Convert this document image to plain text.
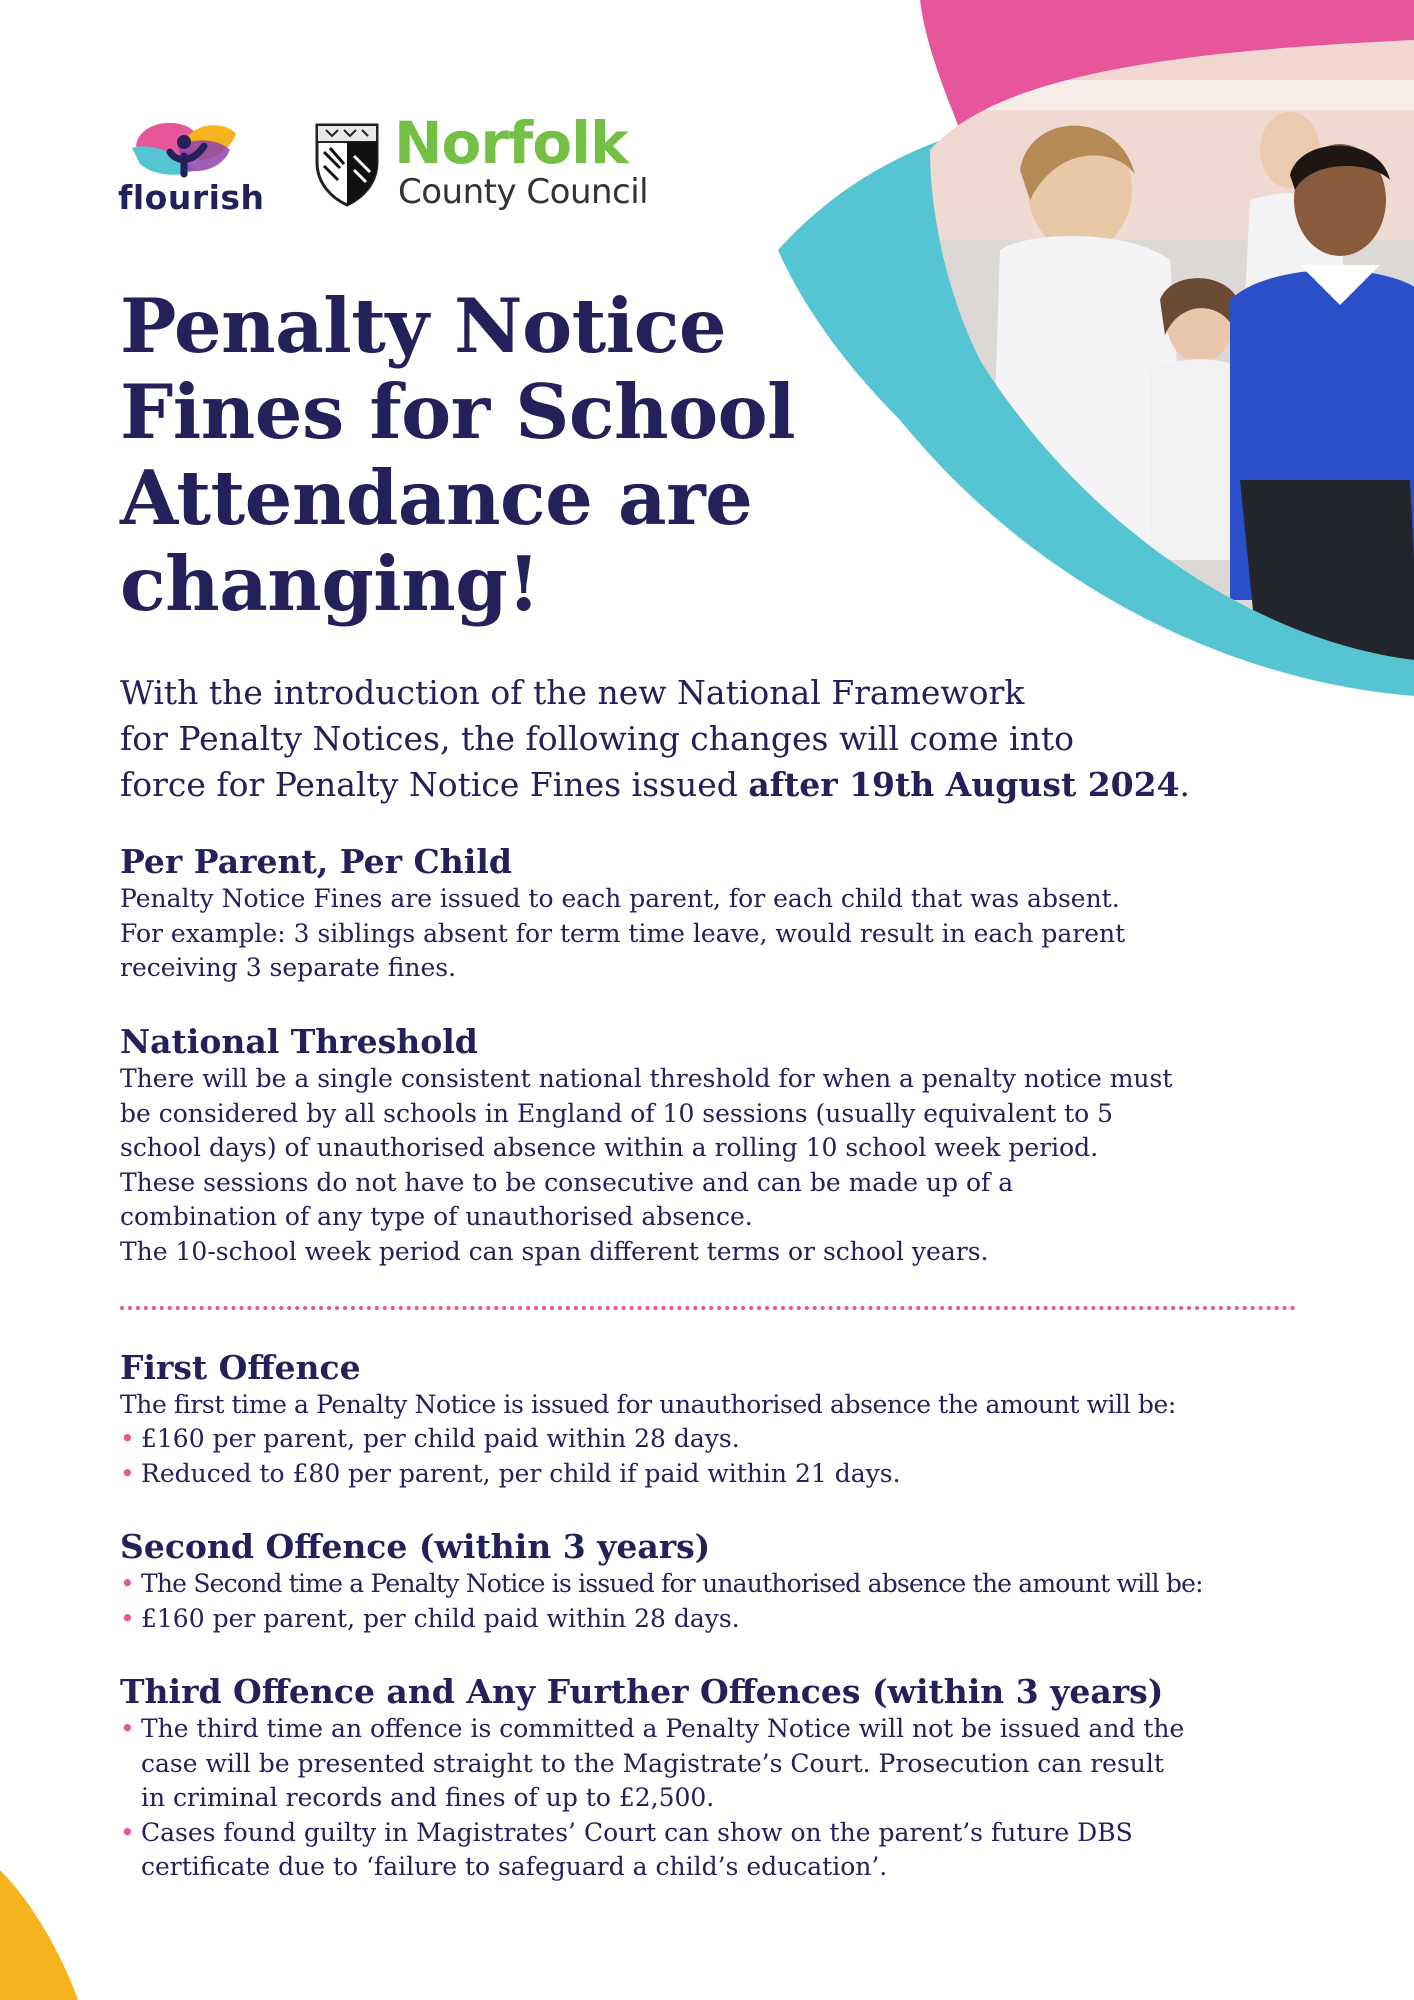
flourish
Norfolk
County Council
Penalty Notice
Fines for School
Attendance are
changing!

With the introduction of the new National Framework
for Penalty Notices, the following changes will come into
force for Penalty Notice Fines issued after 19th August 2024.

Per Parent, Per Child

Penalty Notice Fines are issued to each parent, for each child that was absent.
For example: 3 siblings absent for term time leave, would result in each parent
receiving 3 separate fines.

National Threshold

There will be a single consistent national threshold for when a penalty notice must
be considered by all schools in England of 10 sessions (usually equivalent to 5
school days) of unauthorised absence within a rolling 10 school week period.
These sessions do not have to be consecutive and can be made up of a
combination of any type of unauthorised absence.
The 10-school week period can span different terms or school years.

First Offence

The first time a Penalty Notice is issued for unauthorised absence the amount will be:

• £160 per parent, per child paid within 28 days.
• Reduced to £80 per parent, per child if paid within 21 days.
Second Offence (within 3 years)
• The Second time a Penalty Notice is issued for unauthorised absence the amount will be:
• £160 per parent, per child paid within 28 days.
Third Offence and Any Further Offences (within 3 years)
• The third time an offence is committed a Penalty Notice will not be issued and the
case will be presented straight to the Magistrate’s Court. Prosecution can result
in criminal records and fines of up to £2,500.
• Cases found guilty in Magistrates’ Court can show on the parent’s future DBS
certificate due to ‘failure to safeguard a child’s education’.
